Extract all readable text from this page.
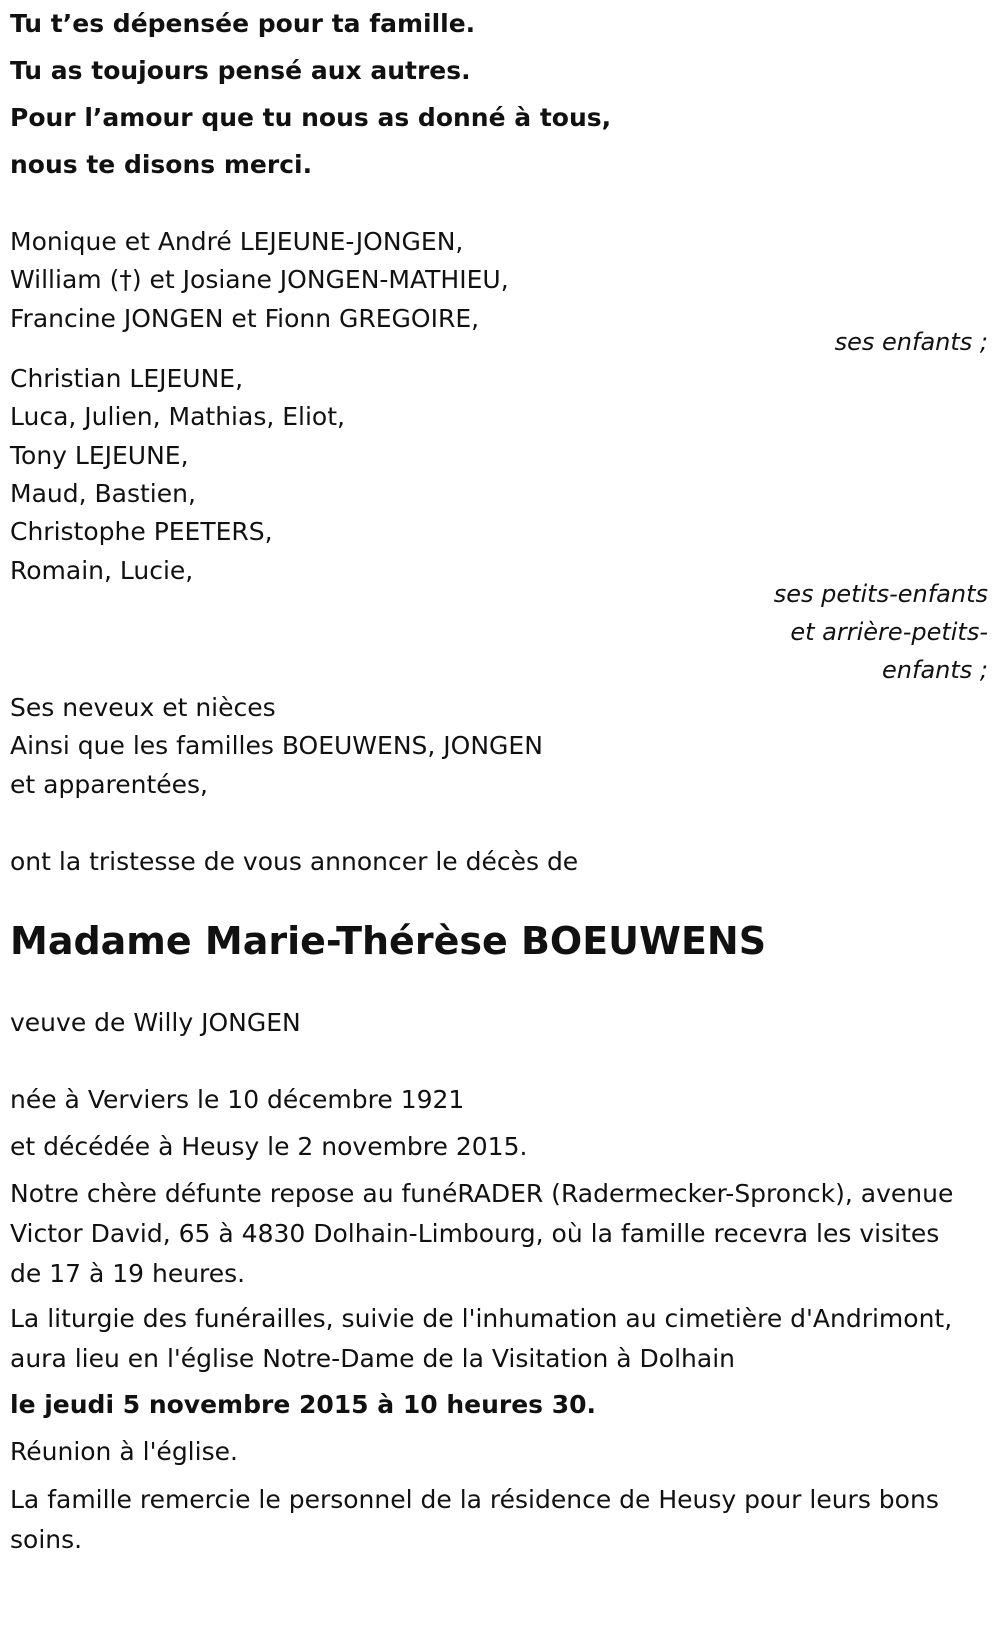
Tu t’es dépensée pour ta famille.
Tu as toujours pensé aux autres.
Pour l’amour que tu nous as donné à tous,
nous te disons merci.
Monique et André LEJEUNE-JONGEN,
William (†) et Josiane JONGEN-MATHIEU,
Francine JONGEN et Fionn GREGOIRE,
ses enfants ;
Christian LEJEUNE,
Luca, Julien, Mathias, Eliot,
Tony LEJEUNE,
Maud, Bastien,
Christophe PEETERS,
Romain, Lucie,
ses petits-enfants
et arrière-petits-
enfants ;
Ses neveux et nièces
Ainsi que les familles BOEUWENS, JONGEN
et apparentées,
ont la tristesse de vous annoncer le décès de
Madame Marie-Thérèse BOEUWENS
veuve de Willy JONGEN
née à Verviers le 10 décembre 1921
et décédée à Heusy le 2 novembre 2015.
Notre chère défunte repose au funéRADER (Radermecker-Spronck), avenue Victor David, 65 à 4830 Dolhain-Limbourg, où la famille recevra les visites de 17 à 19 heures.
La liturgie des funérailles, suivie de l'inhumation au cimetière d'Andrimont, aura lieu en l'église Notre-Dame de la Visitation à Dolhain
le jeudi 5 novembre 2015 à 10 heures 30.
Réunion à l'église.
La famille remercie le personnel de la résidence de Heusy pour leurs bons soins.
